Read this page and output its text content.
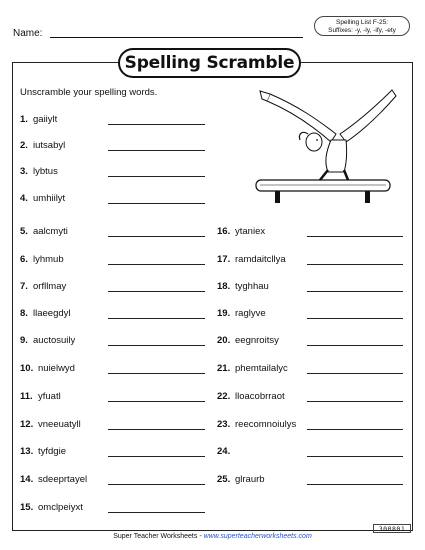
Name:
Spelling List F-25:
Suffixes: -y, -ly, -ify, -ety
Spelling Scramble
Unscramble your spelling words.
1. gaiiylt
2. iutsabyl
3. lybtus
4. umhiilyt
5. aalcmyti
6. lyhmub
7. orfllmay
8. llaeegdyl
9. auctosuily
10. nuielwyd
11. yfuatl
12. vneeuatyll
13. tyfdgie
14. sdeeprtayel
15. omclpeiyxt
16. ytaniex
17. ramdaitcllya
18. tyghhau
19. raglyve
20. eegnroitsy
21. phemtailalyc
22. lloacobrraot
23. reecomnoiulys
24.
25. glraurb
Super Teacher Worksheets - www.superteacherworksheets.com
300801
